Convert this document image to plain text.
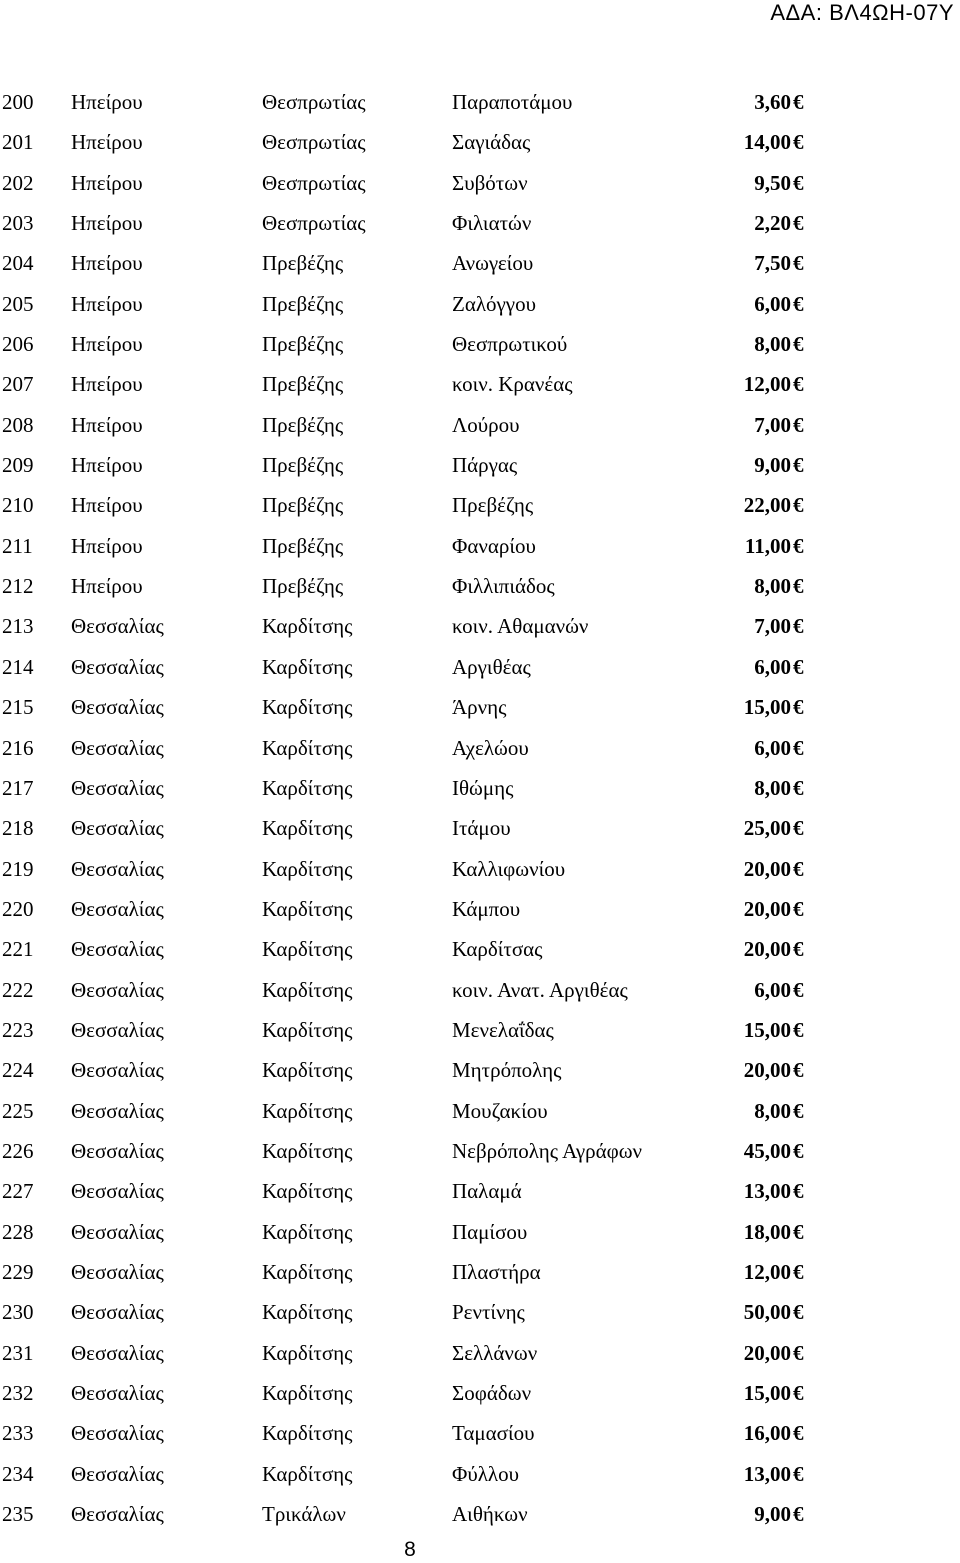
ΑΔΑ: ΒΛ4ΩΗ-07Υ
200 Ηπείρου	Θεσπρωτίας	Παραποτάμου	3,60 €
201 Ηπείρου	Θεσπρωτίας	Σαγιάδας	14,00 €
202 Ηπείρου	Θεσπρωτίας	Συβότων	9,50 €
203 Ηπείρου	Θεσπρωτίας	Φιλιατών	2,20 €
204 Ηπείρου	Πρεβέζης	Ανωγείου	7,50 €
205 Ηπείρου	Πρεβέζης	Ζαλόγγου	6,00 €
206 Ηπείρου	Πρεβέζης	Θεσπρωτικού	8,00 €
207 Ηπείρου	Πρεβέζης	κοιν. Κρανέας	12,00 €
208 Ηπείρου	Πρεβέζης	Λούρου	7,00 €
209 Ηπείρου	Πρεβέζης	Πάργας	9,00 €
210 Ηπείρου	Πρεβέζης	Πρεβέζης	22,00 €
211 Ηπείρου	Πρεβέζης	Φαναρίου	11,00 €
212 Ηπείρου	Πρεβέζης	Φιλλιπιάδος	8,00 €
213 Θεσσαλίας	Καρδίτσης	κοιν. Αθαμανών	7,00 €
214 Θεσσαλίας	Καρδίτσης	Αργιθέας	6,00 €
215 Θεσσαλίας	Καρδίτσης	Άρνης	15,00 €
216 Θεσσαλίας	Καρδίτσης	Αχελώου	6,00 €
217 Θεσσαλίας	Καρδίτσης	Ιθώμης	8,00 €
218 Θεσσαλίας	Καρδίτσης	Ιτάμου	25,00 €
219 Θεσσαλίας	Καρδίτσης	Καλλιφωνίου	20,00 €
220 Θεσσαλίας	Καρδίτσης	Κάμπου	20,00 €
221 Θεσσαλίας	Καρδίτσης	Καρδίτσας	20,00 €
222 Θεσσαλίας	Καρδίτσης	κοιν. Ανατ. Αργιθέας	6,00 €
223 Θεσσαλίας	Καρδίτσης	Μενελαΐδας	15,00 €
224 Θεσσαλίας	Καρδίτσης	Μητρόπολης	20,00 €
225 Θεσσαλίας	Καρδίτσης	Μουζακίου	8,00 €
226 Θεσσαλίας	Καρδίτσης	Νεβρόπολης Αγράφων	45,00 €
227 Θεσσαλίας	Καρδίτσης	Παλαμά	13,00 €
228 Θεσσαλίας	Καρδίτσης	Παμίσου	18,00 €
229 Θεσσαλίας	Καρδίτσης	Πλαστήρα	12,00 €
230 Θεσσαλίας	Καρδίτσης	Ρεντίνης	50,00 €
231 Θεσσαλίας	Καρδίτσης	Σελλάνων	20,00 €
232 Θεσσαλίας	Καρδίτσης	Σοφάδων	15,00 €
233 Θεσσαλίας	Καρδίτσης	Ταμασίου	16,00 €
234 Θεσσαλίας	Καρδίτσης	Φύλλου	13,00 €
235 Θεσσαλίας	Τρικάλων	Αιθήκων	9,00 €
8
